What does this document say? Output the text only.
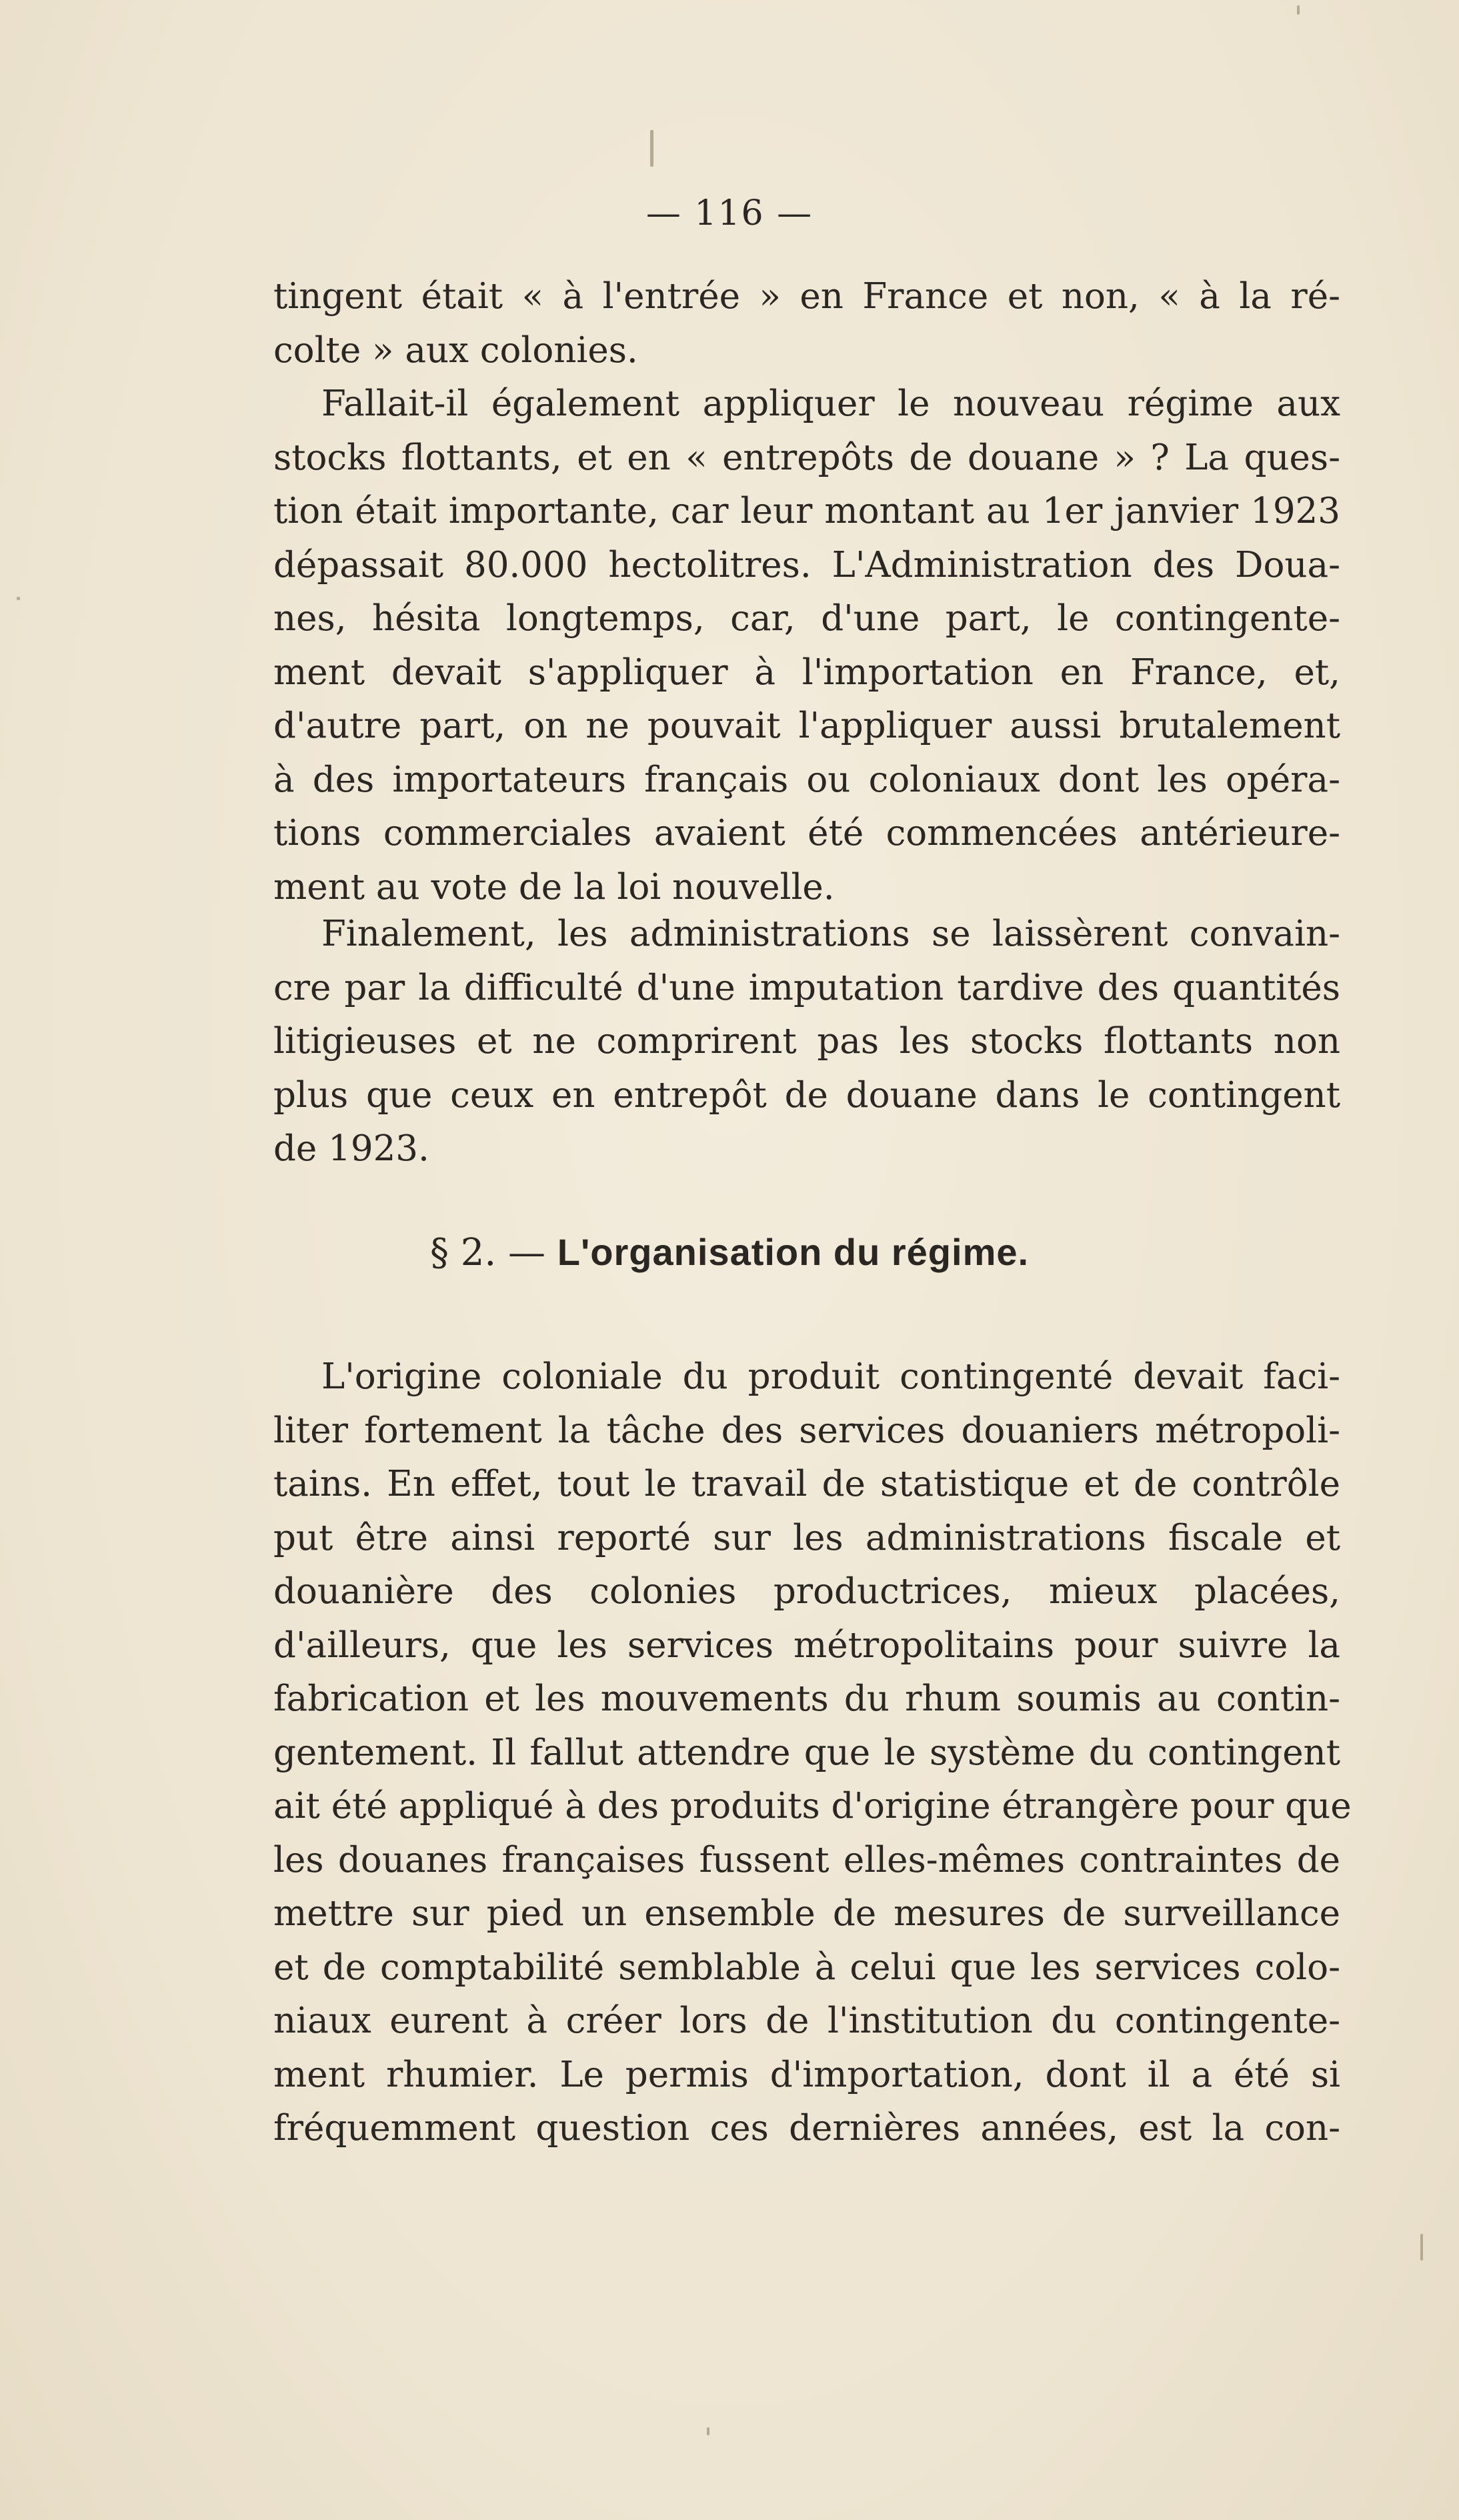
— 116 —
tingent était « à l'entrée » en France et non, « à la ré-
colte » aux colonies.
Fallait-il également appliquer le nouveau régime aux
stocks flottants, et en « entrepôts de douane » ? La ques-
tion était importante, car leur montant au 1er janvier 1923
dépassait 80.000 hectolitres. L'Administration des Doua-
nes, hésita longtemps, car, d'une part, le contingente-
ment devait s'appliquer à l'importation en France, et,
d'autre part, on ne pouvait l'appliquer aussi brutalement
à des importateurs français ou coloniaux dont les opéra-
tions commerciales avaient été commencées antérieure-
ment au vote de la loi nouvelle.
Finalement, les administrations se laissèrent convain-
cre par la difficulté d'une imputation tardive des quantités
litigieuses et ne comprirent pas les stocks flottants non
plus que ceux en entrepôt de douane dans le contingent
de 1923.
§ 2. — L'organisation du régime.
L'origine coloniale du produit contingenté devait faci-
liter fortement la tâche des services douaniers métropoli-
tains. En effet, tout le travail de statistique et de contrôle
put être ainsi reporté sur les administrations fiscale et
douanière des colonies productrices, mieux placées,
d'ailleurs, que les services métropolitains pour suivre la
fabrication et les mouvements du rhum soumis au contin-
gentement. Il fallut attendre que le système du contingent
ait été appliqué à des produits d'origine étrangère pour que
les douanes françaises fussent elles-mêmes contraintes de
mettre sur pied un ensemble de mesures de surveillance
et de comptabilité semblable à celui que les services colo-
niaux eurent à créer lors de l'institution du contingente-
ment rhumier. Le permis d'importation, dont il a été si
fréquemment question ces dernières années, est la con-
